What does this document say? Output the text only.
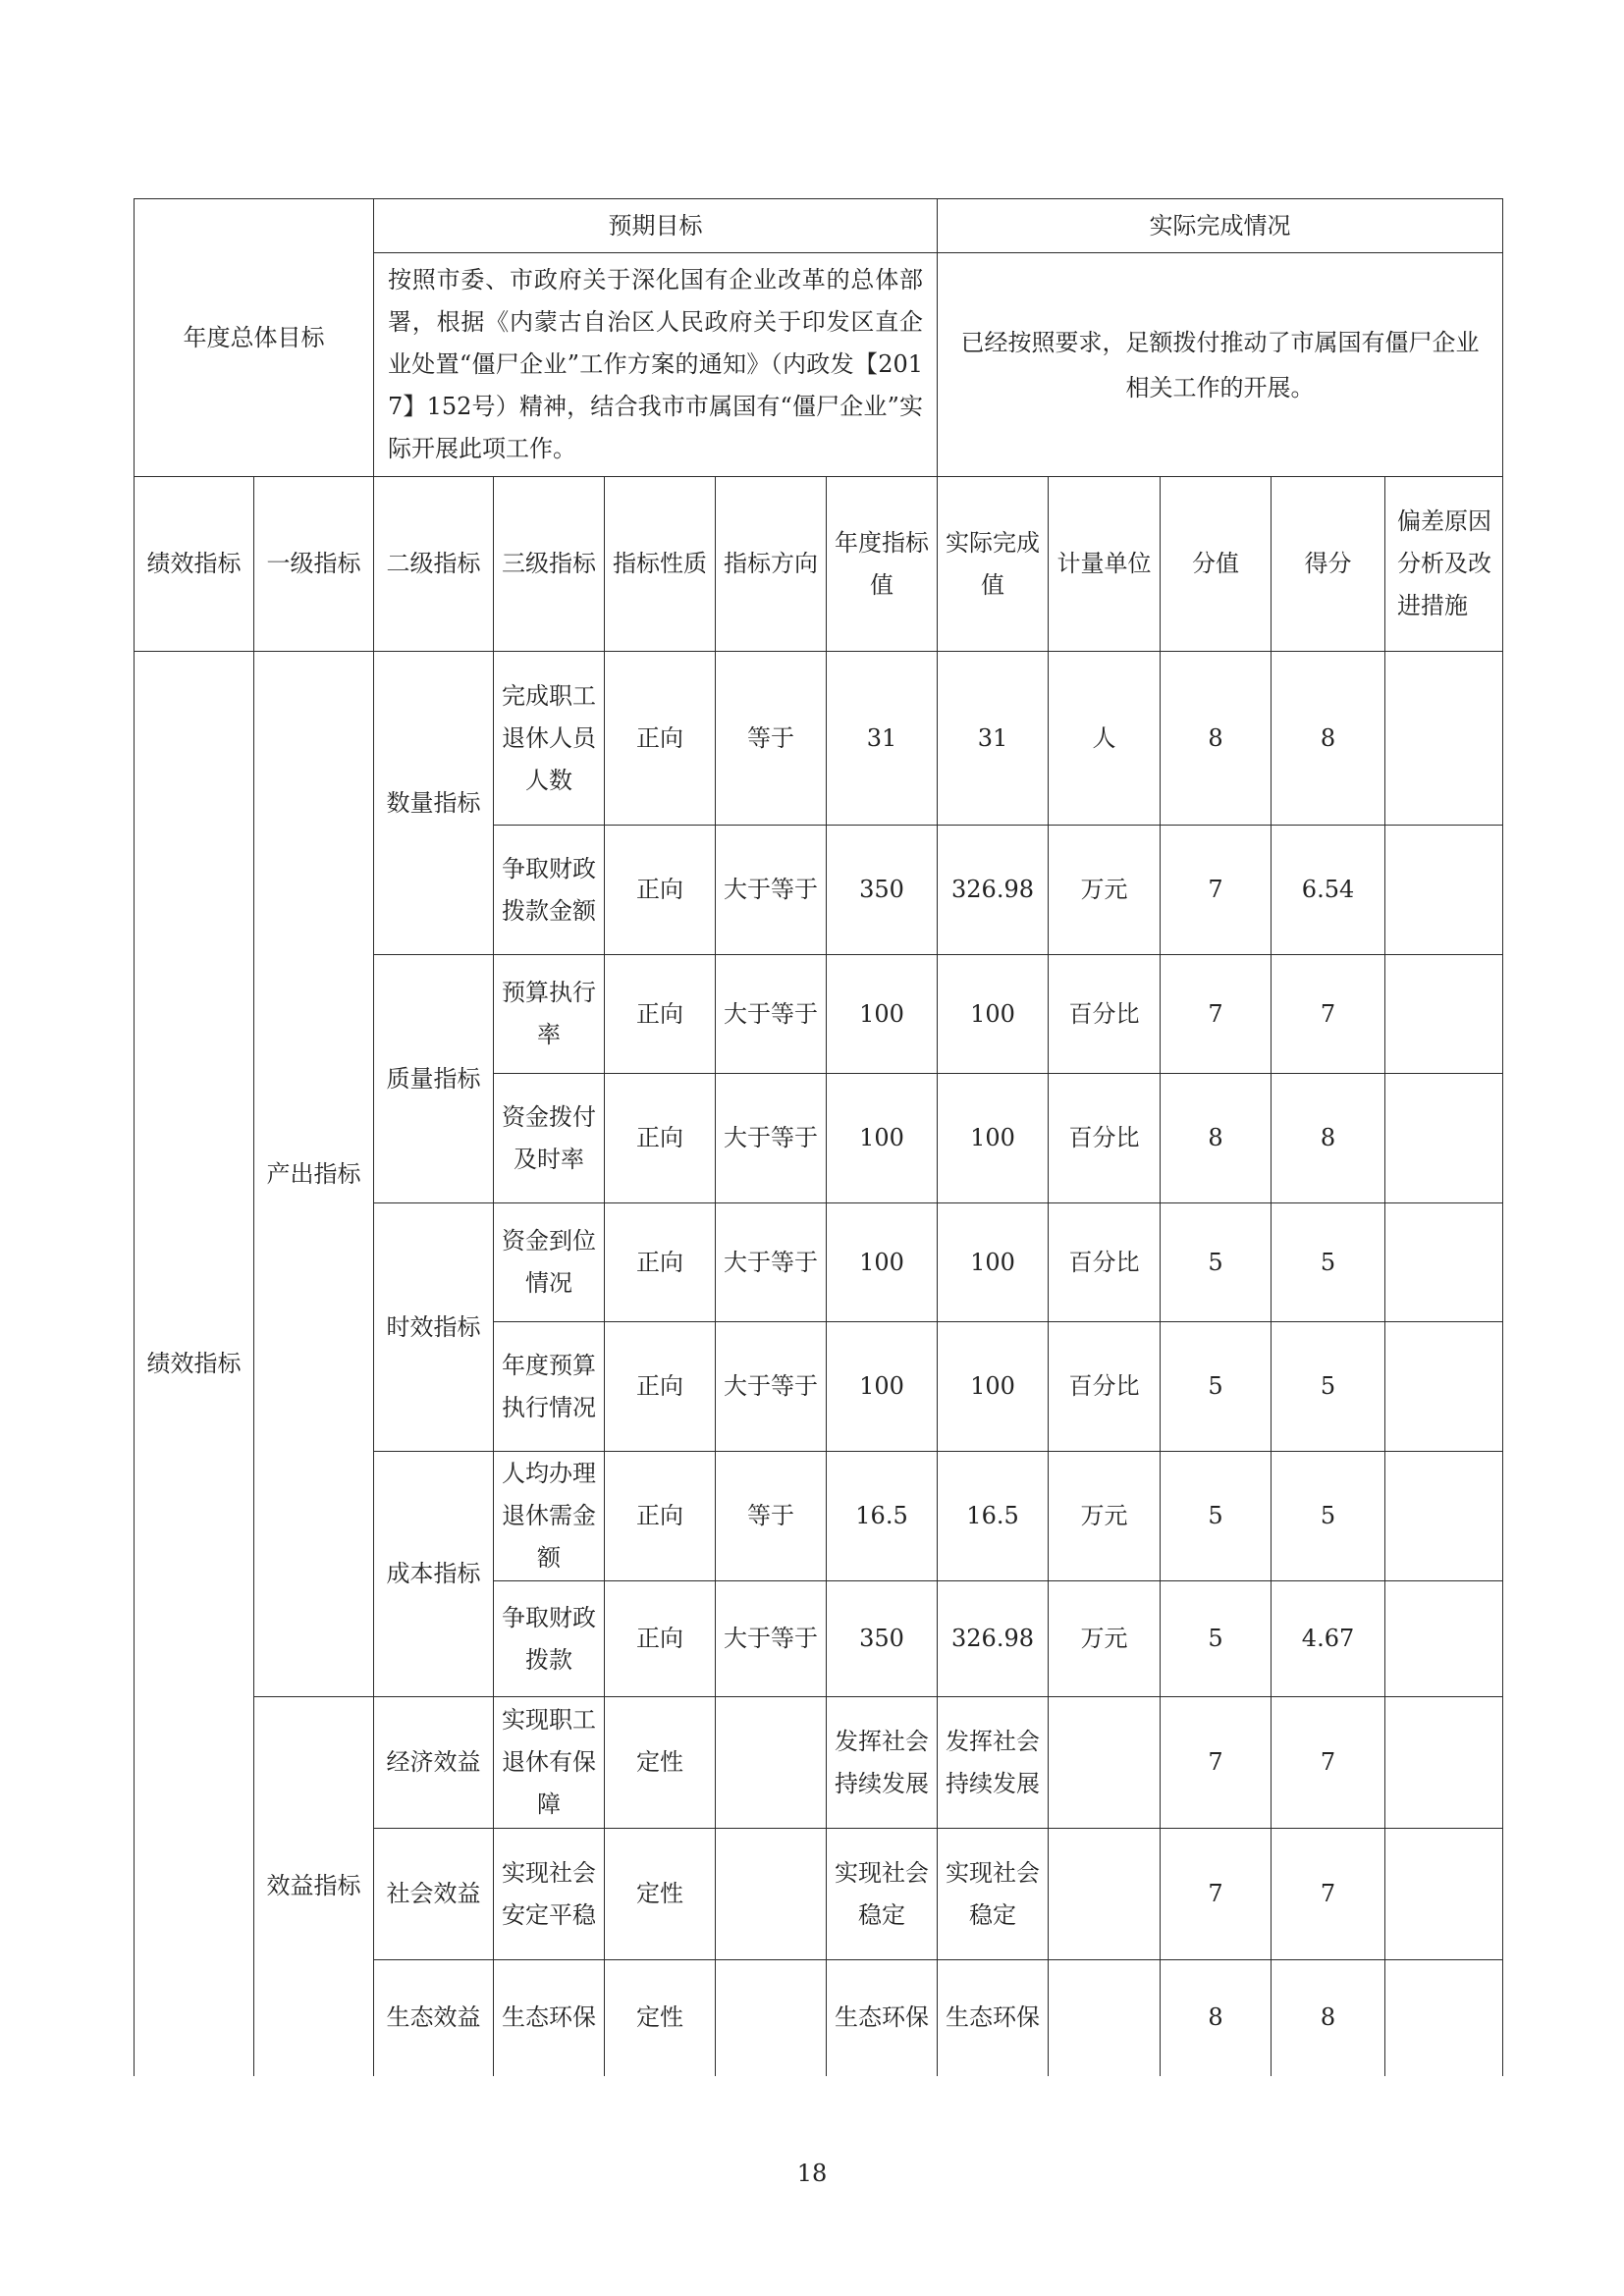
年度总体目标		预期目标					实际完成情况				
		按照市委、市政府关于深化国有企业改革的总体部署，根据《内蒙古自治区人民政府关于印发区直企业处置“僵尸企业”工作方案的通知》（内政发【2017】152号）精神，结合我市市属国有“僵尸企业”实际开展此项工作。					已经按照要求，足额拨付推动了市属国有僵尸企业相关工作的开展。				
绩效指标	一级指标	二级指标	三级指标	指标性质	指标方向	年度指标值	实际完成值	计量单位	分值	得分	偏差原因分析及改进措施
绩效指标	产出指标	数量指标	完成职工退休人员人数	正向	等于	31	31	人	8	8	
			争取财政拨款金额	正向	大于等于	350	326.98	万元	7	6.54	
		质量指标	预算执行率	正向	大于等于	100	100	百分比	7	7	
			资金拨付及时率	正向	大于等于	100	100	百分比	8	8	
		时效指标	资金到位情况	正向	大于等于	100	100	百分比	5	5	
			年度预算执行情况	正向	大于等于	100	100	百分比	5	5	
		成本指标	人均办理退休需金额	正向	等于	16.5	16.5	万元	5	5	
			争取财政拨款	正向	大于等于	350	326.98	万元	5	4.67	
	效益指标	经济效益	实现职工退休有保障	定性		发挥社会持续发展	发挥社会持续发展		7	7	
		社会效益	实现社会安定平稳	定性		实现社会稳定	实现社会稳定		7	7	
		生态效益	生态环保	定性		生态环保	生态环保		8	8	
18
